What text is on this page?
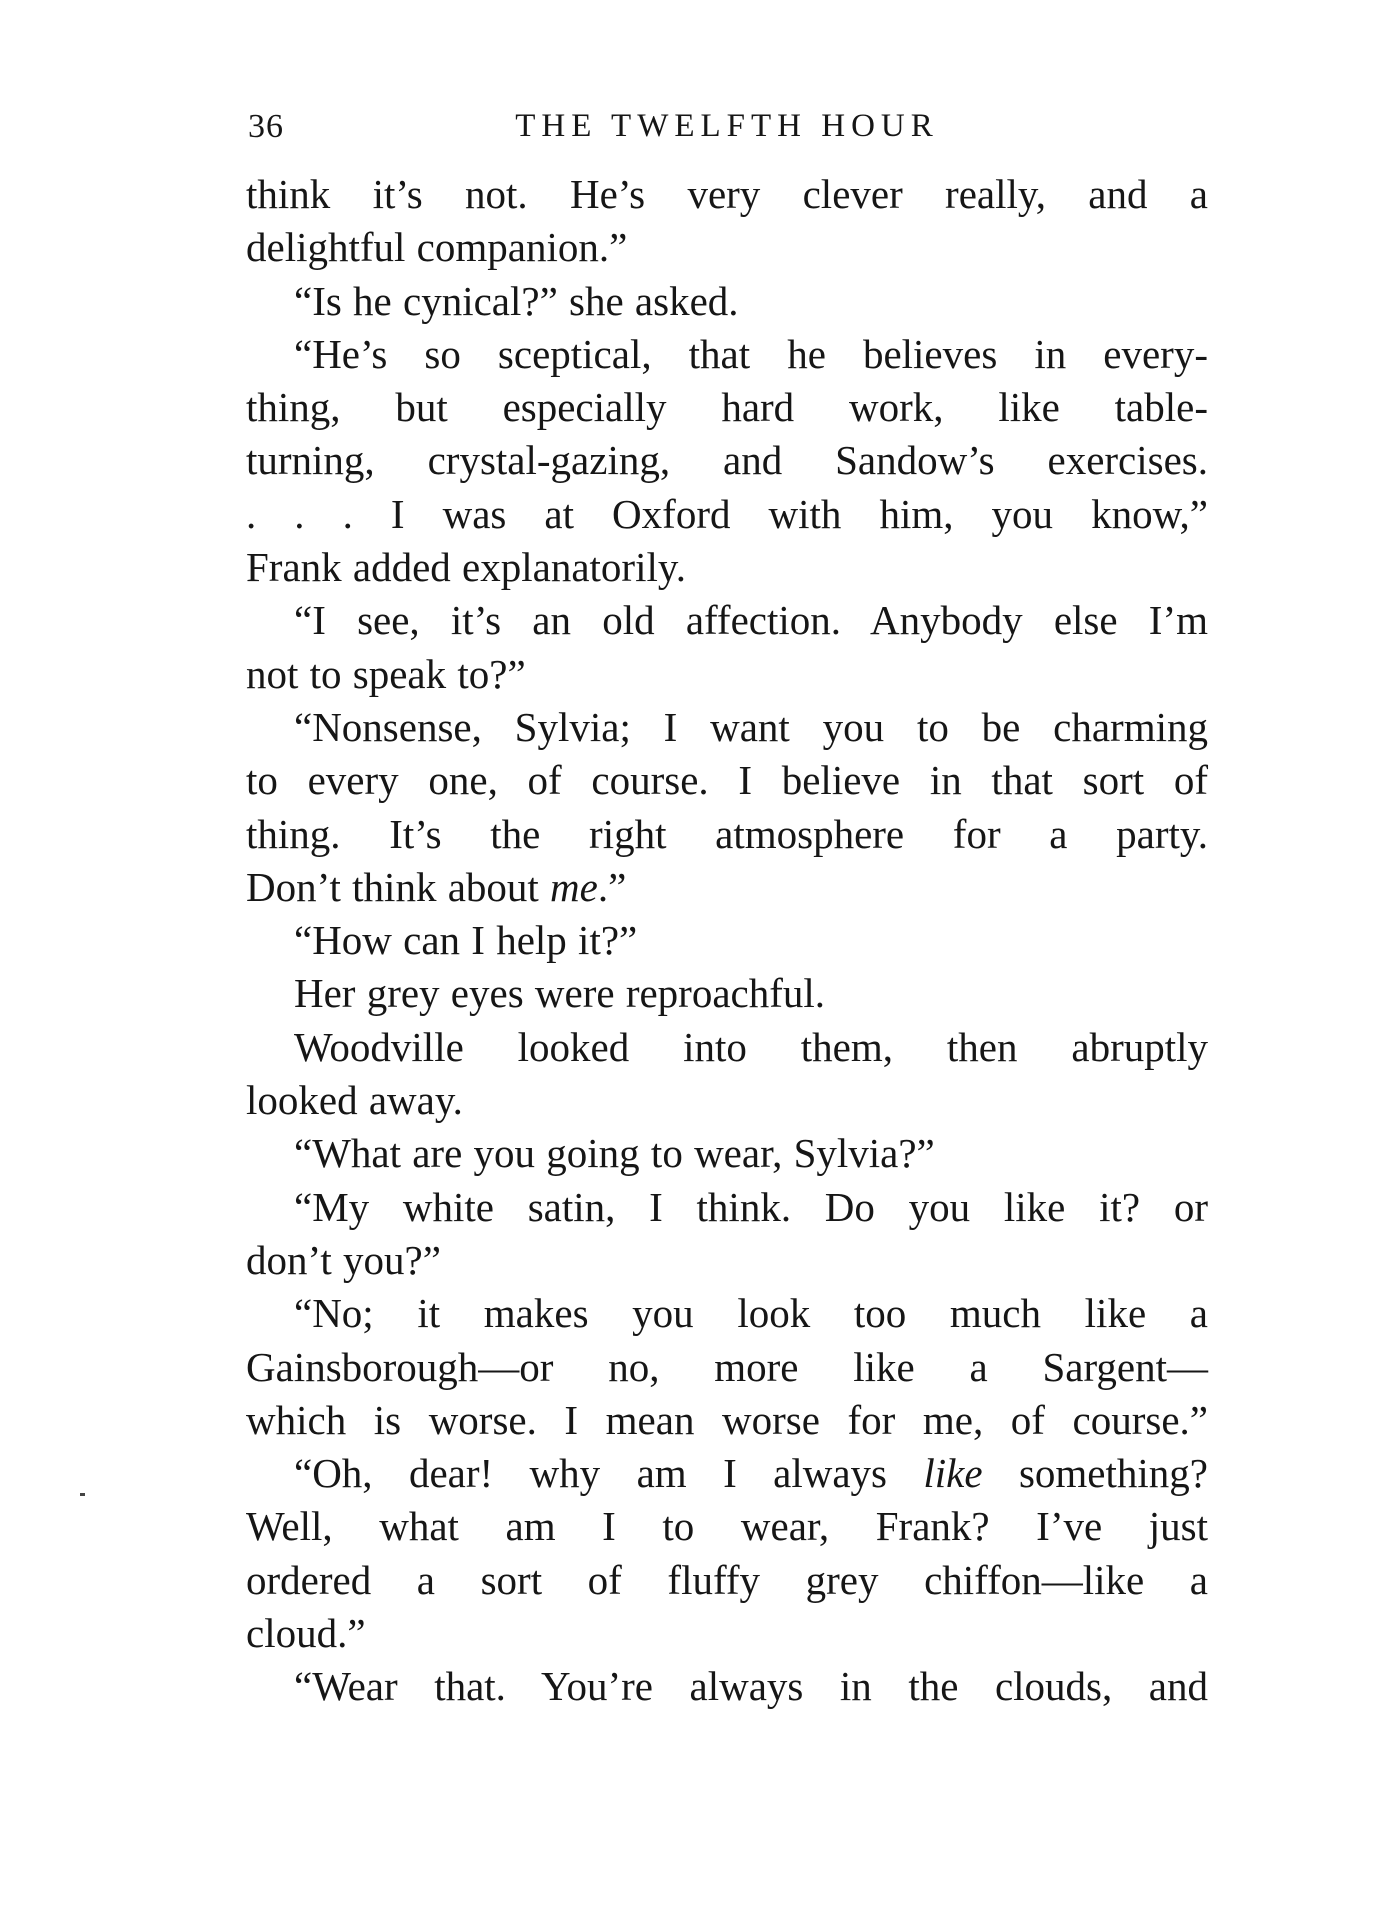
36	THE TWELFTH HOUR
think it’s not. He’s very clever really, and a
delightful companion.”
“Is he cynical?” she asked.
“He’s so sceptical, that he believes in every-
thing, but especially hard work, like table-
turning, crystal-gazing, and Sandow’s exercises.
. . . I was at Oxford with him, you know,”
Frank added explanatorily.
“I see, it’s an old affection. Anybody else I’m
not to speak to?”
“Nonsense, Sylvia; I want you to be charming
to every one, of course. I believe in that sort of
thing. It’s the right atmosphere for a party.
Don’t think about me.”
“How can I help it?”
Her grey eyes were reproachful.
Woodville looked into them, then abruptly
looked away.
“What are you going to wear, Sylvia?”
“My white satin, I think. Do you like it? or
don’t you?”
“No; it makes you look too much like a
Gainsborough—or no, more like a Sargent—
which is worse. I mean worse for me, of course.”
“Oh, dear! why am I always like something?
Well, what am I to wear, Frank? I’ve just
ordered a sort of fluffy grey chiffon—like a
cloud.”
“Wear that. You’re always in the clouds, and
